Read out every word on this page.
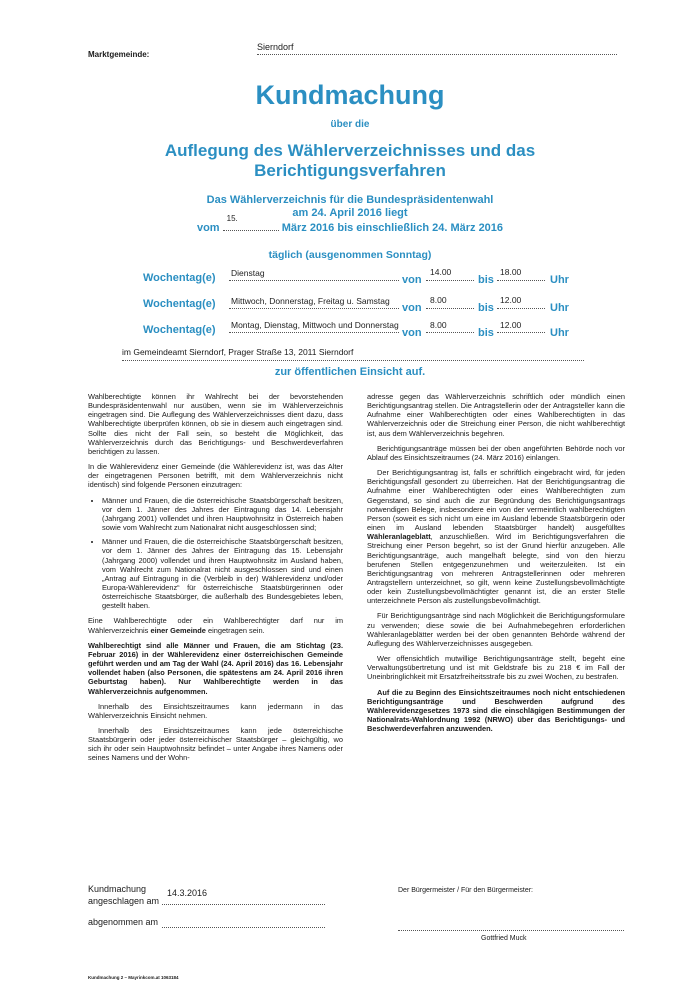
Marktgemeinde:
Sierndorf
Kundmachung
über die
Auflegung des Wählerverzeichnisses und das Berichtigungsverfahren
Das Wählerverzeichnis für die Bundespräsidentenwahl
am 24. April 2016 liegt
vom
15.
März 2016 bis einschließlich 24. März 2016
täglich (ausgenommen Sonntag)
Wochentag(e) Dienstag
von
14.00
bis
18.00
Uhr
Wochentag(e) Mittwoch, Donnerstag, Freitag u. Samstag
von
8.00
bis
12.00
Uhr
Wochentag(e) Montag, Dienstag, Mittwoch und Donnerstag
von
8.00
bis
12.00
Uhr
im Gemeindeamt Sierndorf, Prager Straße 13, 2011 Sierndorf
zur öffentlichen Einsicht auf.

Wahlberechtigte können ihr Wahlrecht bei der bevorstehenden Bundespräsidentenwahl nur ausüben, wenn sie im Wählerverzeichnis eingetragen sind. Die Auflegung des Wählerverzeichnisses dient dazu, dass Wahlberechtigte überprüfen können, ob sie in diesem auch eingetragen sind. Sollte dies nicht der Fall sein, so besteht die Möglichkeit, das Wählerverzeichnis durch das Berichtigungs- und Beschwerdeverfahren berichtigen zu lassen.

In die Wählerevidenz einer Gemeinde (die Wählerevidenz ist, was das Alter der eingetragenen Personen betrifft, mit dem Wählerverzeichnis nicht identisch) sind folgende Personen einzutragen:

• Männer und Frauen, die die österreichische Staatsbürgerschaft besitzen, vor dem 1. Jänner des Jahres der Eintragung das 14. Lebensjahr (Jahrgang 2001) vollendet und ihren Hauptwohnsitz in Österreich haben sowie vom Wahlrecht zum Nationalrat nicht ausgeschlossen sind;
• Männer und Frauen, die die österreichische Staatsbürgerschaft besitzen, vor dem 1. Jänner des Jahres der Eintragung das 15. Lebensjahr (Jahrgang 2000) vollendet und ihren Hauptwohnsitz im Ausland haben, vom Wahlrecht zum Nationalrat nicht ausgeschlossen sind und einen „Antrag auf Eintragung in die (Verbleib in der) Wählerevidenz und/oder Europa-Wählerevidenz“ für österreichische Staatsbürgerinnen oder österreichische Staatsbürger, die außerhalb des Bundesgebietes leben, gestellt haben.

Eine Wahlberechtigte oder ein Wahlberechtigter darf nur im Wählerverzeichnis einer Gemeinde eingetragen sein.

Wahlberechtigt sind alle Männer und Frauen, die am Stichtag (23. Februar 2016) in der Wählerevidenz einer österreichischen Gemeinde geführt werden und am Tag der Wahl (24. April 2016) das 16. Lebensjahr vollendet haben (also Personen, die spätestens am 24. April 2016 ihren Geburtstag haben). Nur Wahlberechtigte werden in das Wählerverzeichnis aufgenommen.

Innerhalb des Einsichtszeitraumes kann jedermann in das Wählerverzeichnis Einsicht nehmen.

Innerhalb des Einsichtszeitraumes kann jede österreichische Staatsbürgerin oder jeder österreichischer Staatsbürger – gleichgültig, wo sich ihr oder sein Hauptwohnsitz befindet – unter Angabe ihres Namens oder seines Namens und der Wohn-

adresse gegen das Wählerverzeichnis schriftlich oder mündlich einen Berichtigungsantrag stellen. Die Antragstellerin oder der Antragsteller kann die Aufnahme einer Wahlberechtigten oder eines Wahlberechtigten in das Wählerverzeichnis oder die Streichung einer Person, die nicht wahlberechtigt ist, aus dem Wählerverzeichnis begehren.

Berichtigungsanträge müssen bei der oben angeführten Behörde noch vor Ablauf des Einsichtszeitraumes (24. März 2016) einlangen.

Der Berichtigungsantrag ist, falls er schriftlich eingebracht wird, für jeden Berichtigungsfall gesondert zu überreichen. Hat der Berichtigungsantrag die Aufnahme einer Wahlberechtigten oder eines Wahlberechtigten zum Gegenstand, so sind auch die zur Begründung des Berichtigungsantrags notwendigen Belege, insbesondere ein von der vermeintlich wahlberechtigten Person (soweit es sich nicht um eine im Ausland lebende Staatsbürgerin oder einen im Ausland lebenden Staatsbürger handelt) ausgefülltes Wähleranlageblatt, anzuschließen. Wird im Berichtigungsverfahren die Streichung einer Person begehrt, so ist der Grund hierfür anzugeben. Alle Berichtigungsanträge, auch mangelhaft belegte, sind von den hierzu berufenen Stellen entgegenzunehmen und weiterzuleiten. Ist ein Berichtigungsantrag von mehreren Antragstellerinnen oder mehreren Antragstellern unterzeichnet, so gilt, wenn keine Zustellungsbevollmächtigte oder kein Zustellungsbevollmächtigter genannt ist, die an erster Stelle unterzeichnete Person als zustellungsbevollmächtigt.

Für Berichtigungsanträge sind nach Möglichkeit die Berichtigungsformulare zu verwenden; diese sowie die bei Aufnahmebegehren erforderlichen Wähleranlageblätter werden bei der oben genannten Behörde während der Auflegung des Wählerverzeichnisses ausgegeben.

Wer offensichtlich mutwillige Berichtigungsanträge stellt, begeht eine Verwaltungsübertretung und ist mit Geldstrafe bis zu 218 € im Fall der Uneinbringlichkeit mit Ersatzfreiheitsstrafe bis zu zwei Wochen, zu bestrafen.

Auf die zu Beginn des Einsichtszeitraumes noch nicht entschiedenen Berichtigungsanträge und Beschwerden aufgrund des Wählerevidenzgesetzes 1973 sind die einschlägigen Bestimmungen der Nationalrats-Wahlordnung 1992 (NRWO) über das Berichtigungs- und Beschwerdeverfahren anzuwenden.

Kundmachung
angeschlagen am
14.3.2016
abgenommen am
Der Bürgermeister / Für den Bürgermeister:
Gottfried Muck
Kundmachung 2 – Mayrinkcom.at 1063184
